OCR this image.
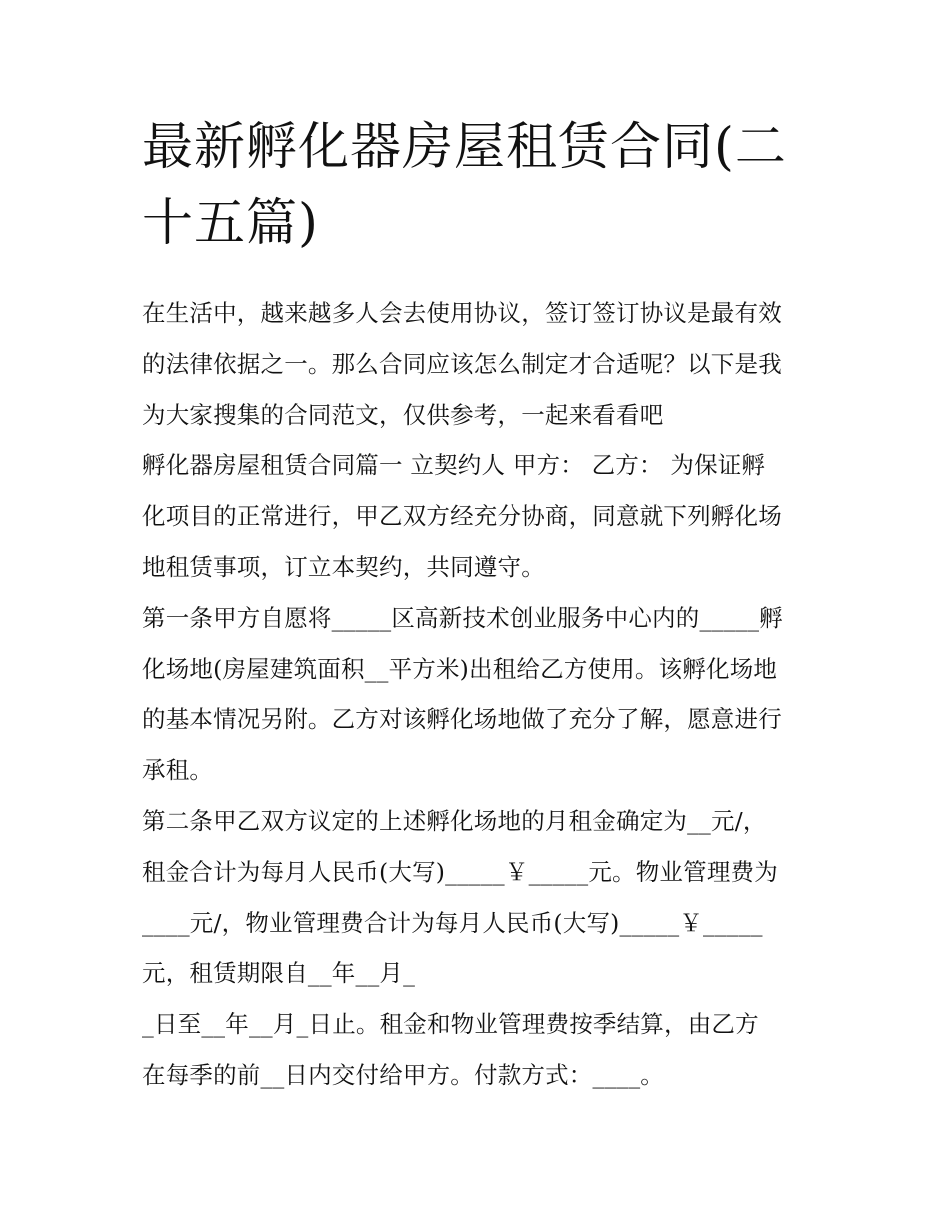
最新孵化器房屋租赁合同(二十五篇)
在生活中，越来越多人会去使用协议，签订签订协议是最有效
的法律依据之一。那么合同应该怎么制定才合适呢？以下是我
为大家搜集的合同范文，仅供参考，一起来看看吧
孵化器房屋租赁合同篇一 立契约人 甲方： 乙方： 为保证孵
化项目的正常进行，甲乙双方经充分协商，同意就下列孵化场
地租赁事项，订立本契约，共同遵守。
第一条甲方自愿将_____区高新技术创业服务中心内的_____孵
化场地(房屋建筑面积__平方米)出租给乙方使用。该孵化场地
的基本情况另附。乙方对该孵化场地做了充分了解，愿意进行
承租。
第二条甲乙双方议定的上述孵化场地的月租金确定为__元/，
租金合计为每月人民币(大写)_____￥_____元。物业管理费为
____元/，物业管理费合计为每月人民币(大写)_____￥_____
元，租赁期限自__年__月_
_日至__年__月_日止。租金和物业管理费按季结算，由乙方
在每季的前__日内交付给甲方。付款方式：____。
